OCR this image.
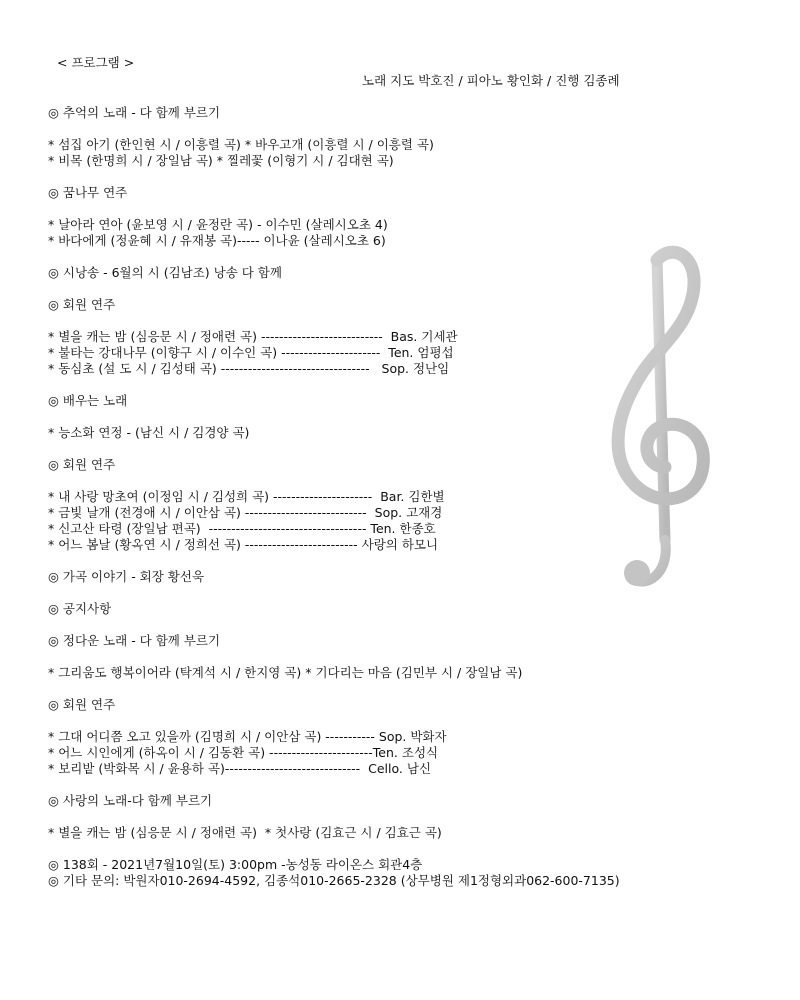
< 프로그램 >
노래 지도 박호진 / 피아노 황인화 / 진행 김종례
◎ 추억의 노래 - 다 함께 부르기
* 섬집 아기 (한인현 시 / 이흥렬 곡) * 바우고개 (이흥렬 시 / 이흥렬 곡)
* 비목 (한명희 시 / 장일남 곡) * 찔레꽃 (이형기 시 / 김대현 곡)
◎ 꿈나무 연주
* 날아라 연아 (윤보영 시 / 윤정란 곡) - 이수민 (살레시오초 4)
* 바다에게 (정윤혜 시 / 유재봉 곡)----- 이나윤 (살레시오초 6)
◎ 시낭송 - 6월의 시 (김남조) 낭송 다 함께
◎ 회원 연주
* 별을 캐는 밤 (심응문 시 / 정애련 곡) ---------------------------  Bas. 기세관
* 불타는 강대나무 (이향구 시 / 이수인 곡) ----------------------  Ten. 엄평섭
* 동심초 (설 도 시 / 김성태 곡) ---------------------------------   Sop. 정난임
◎ 배우는 노래
* 능소화 연정 - (남신 시 / 김경양 곡)
◎ 회원 연주
* 내 사랑 망초여 (이정임 시 / 김성희 곡) ----------------------  Bar. 김한별
* 금빛 날개 (전경애 시 / 이안삼 곡) ---------------------------  Sop. 고재경
* 신고산 타령 (장일남 편곡)  ----------------------------------- Ten. 한종호
* 어느 봄날 (황옥연 시 / 정희선 곡) ------------------------- 사랑의 하모니
◎ 가곡 이야기 - 회장 황선욱
◎ 공지사항
◎ 정다운 노래 - 다 함께 부르기
* 그리움도 행복이어라 (탁계석 시 / 한지영 곡) * 기다리는 마음 (김민부 시 / 장일남 곡)
◎ 회원 연주
* 그대 어디쯤 오고 있을까 (김명희 시 / 이안삼 곡) ----------- Sop. 박화자
* 어느 시인에게 (하옥이 시 / 김동환 곡) -----------------------Ten. 조성식
* 보리밭 (박화목 시 / 윤용하 곡)------------------------------  Cello. 남신
◎ 사랑의 노래-다 함께 부르기
* 별을 캐는 밤 (심응문 시 / 정애련 곡)  * 첫사랑 (김효근 시 / 김효근 곡)
◎ 138회 - 2021년7월10일(토) 3:00pm -농성동 라이온스 회관4층
◎ 기타 문의: 박원자010-2694-4592, 김종석010-2665-2328 (상무병원 제1정형외과062-600-7135)
